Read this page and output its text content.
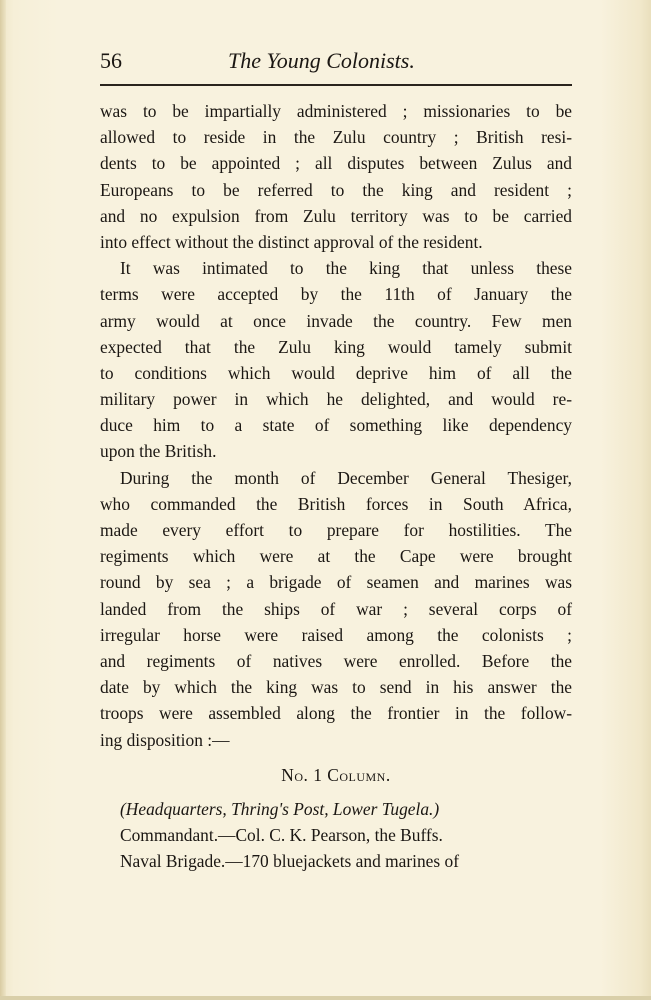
56	The Young Colonists.
was to be impartially administered ; missionaries to be
allowed to reside in the Zulu country ; British resi-
dents to be appointed ; all disputes between Zulus and
Europeans to be referred to the king and resident ;
and no expulsion from Zulu territory was to be carried
into effect without the distinct approval of the resident.
It was intimated to the king that unless these
terms were accepted by the 11th of January the
army would at once invade the country. Few men
expected that the Zulu king would tamely submit
to conditions which would deprive him of all the
military power in which he delighted, and would re-
duce him to a state of something like dependency
upon the British.
During the month of December General Thesiger,
who commanded the British forces in South Africa,
made every effort to prepare for hostilities. The
regiments which were at the Cape were brought
round by sea ; a brigade of seamen and marines was
landed from the ships of war ; several corps of
irregular horse were raised among the colonists ;
and regiments of natives were enrolled. Before the
date by which the king was to send in his answer the
troops were assembled along the frontier in the follow-
ing disposition :—
No. 1 Column.
(Headquarters, Thring's Post, Lower Tugela.)
Commandant.—Col. C. K. Pearson, the Buffs.
Naval Brigade.—170 bluejackets and marines of
